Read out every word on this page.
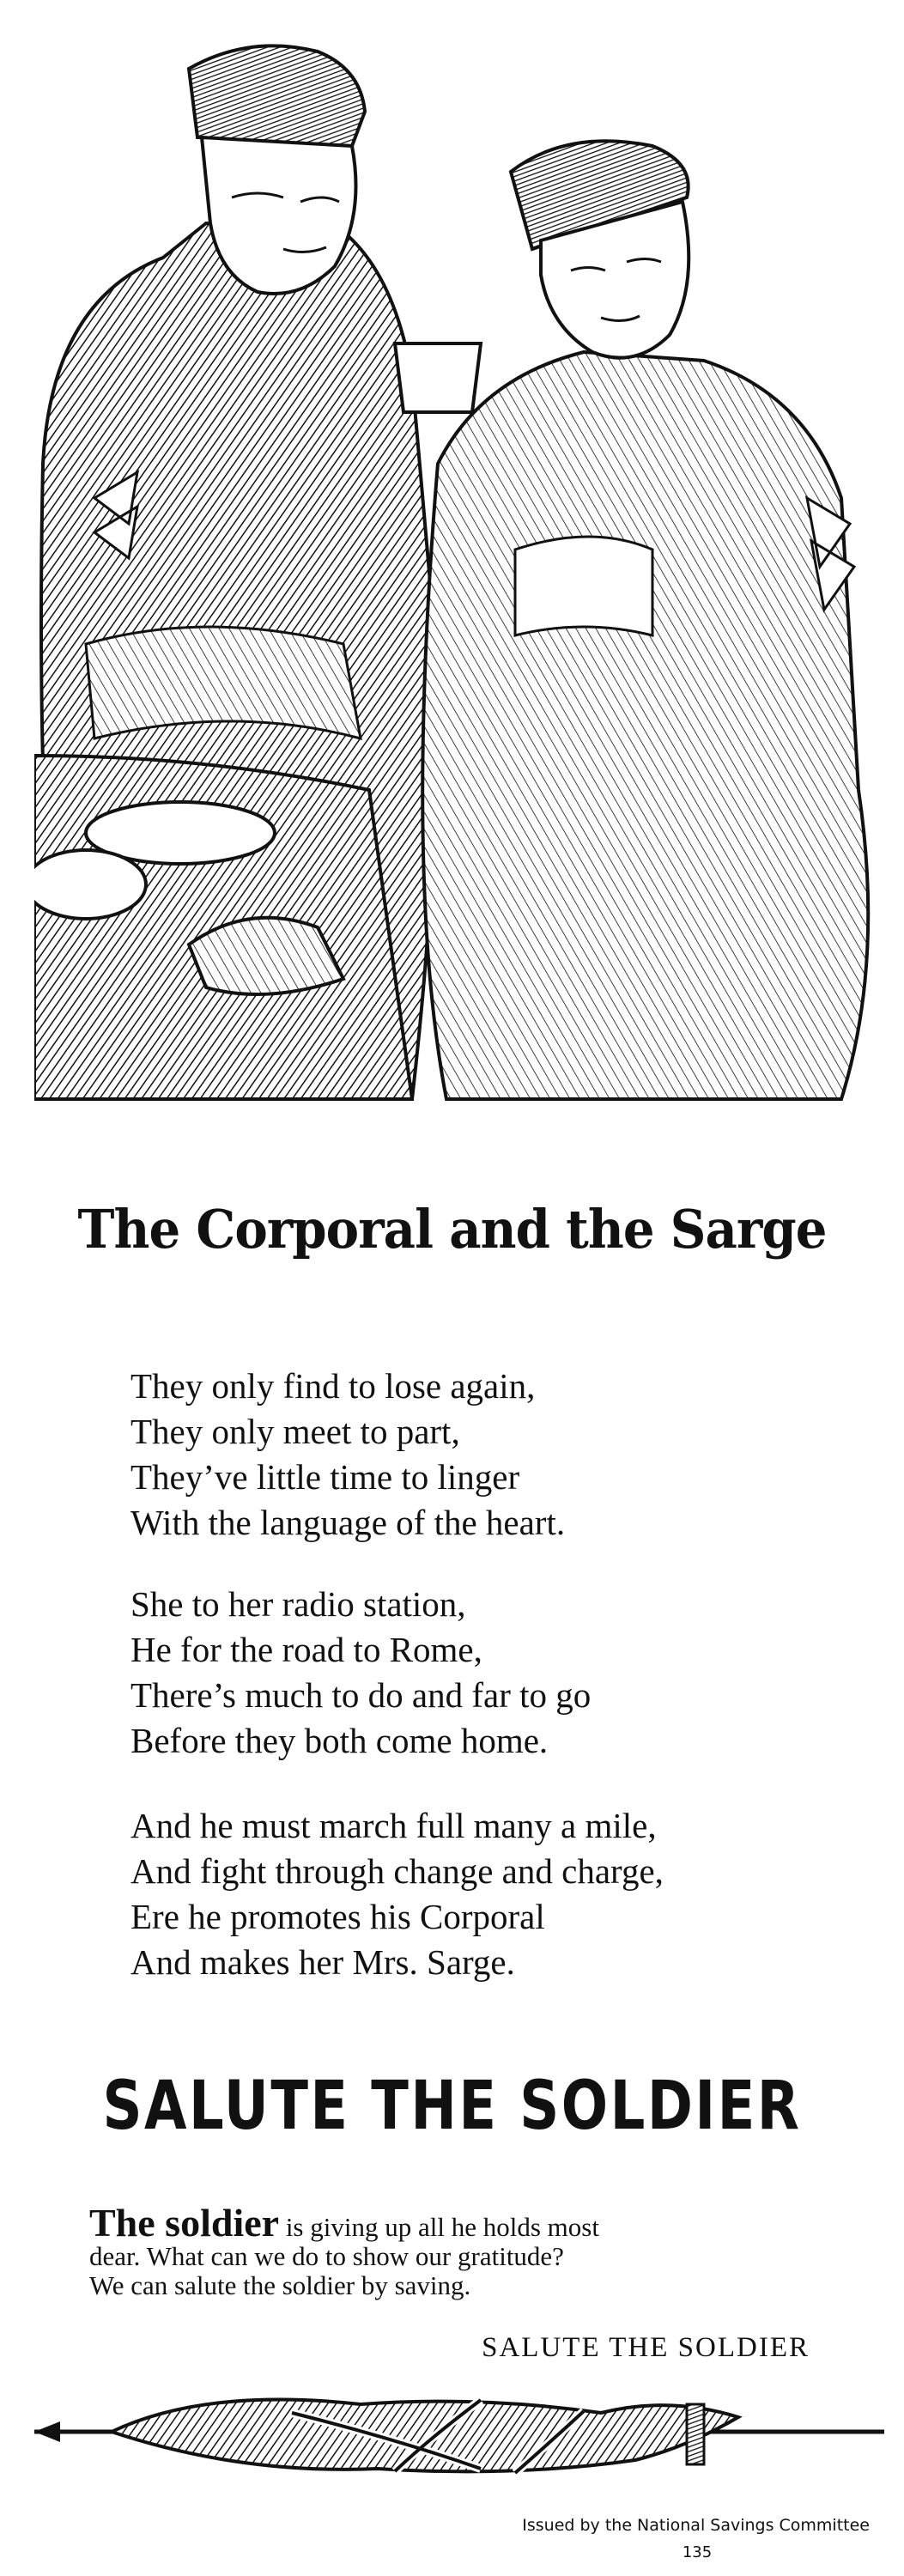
The Corporal and the Sarge
They only find to lose again,
They only meet to part,
They’ve little time to linger
With the language of the heart.
She to her radio station,
He for the road to Rome,
There’s much to do and far to go
Before they both come home.
And he must march full many a mile,
And fight through change and charge,
Ere he promotes his Corporal
And makes her Mrs. Sarge.
SALUTE THE SOLDIER
The soldier is giving up all he holds most
dear. What can we do to show our gratitude?
We can salute the soldier by saving.
SALUTE THE SOLDIER
Issued by the National Savings Committee
135
